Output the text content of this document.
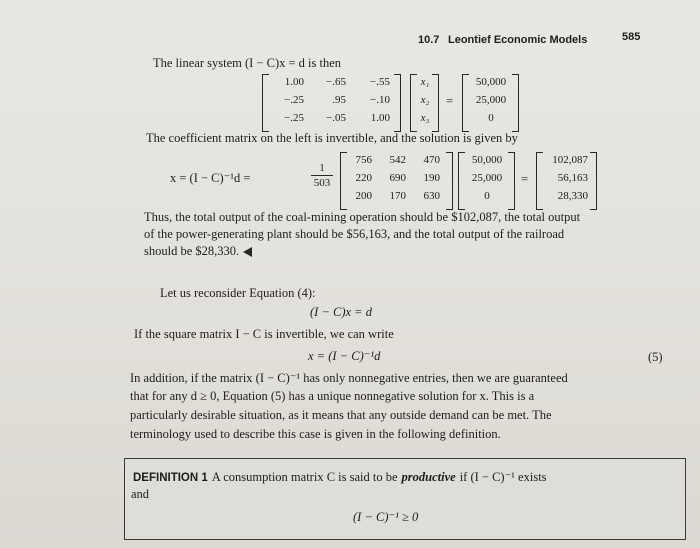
10.7 Leontief Economic Models	585
The linear system (I − C)x = d is then
1.00	−.65	−.55
−.25	.95	−.10
−.25	−.05	1.00
x₁
x₂
x₃
=
50,000
25,000
0
The coefficient matrix on the left is invertible, and the solution is given by
x = (I − C)⁻¹d =
1
503
756	542	470
220	690	190
200	170	630
50,000
25,000
0
=
102,087
56,163
28,330
Thus, the total output of the coal-mining operation should be $102,087, the total output
of the power-generating plant should be $56,163, and the total output of the railroad
should be $28,330.
Let us reconsider Equation (4):
(I − C)x = d
If the square matrix I − C is invertible, we can write
x = (I − C)⁻¹d	(5)
In addition, if the matrix (I − C)⁻¹ has only nonnegative entries, then we are guaranteed
that for any d ≥ 0, Equation (5) has a unique nonnegative solution for x. This is a
particularly desirable situation, as it means that any outside demand can be met. The
terminology used to describe this case is given in the following definition.
DEFINITION 1 A consumption matrix C is said to be productive if (I − C)⁻¹ exists
and
(I − C)⁻¹ ≥ 0
